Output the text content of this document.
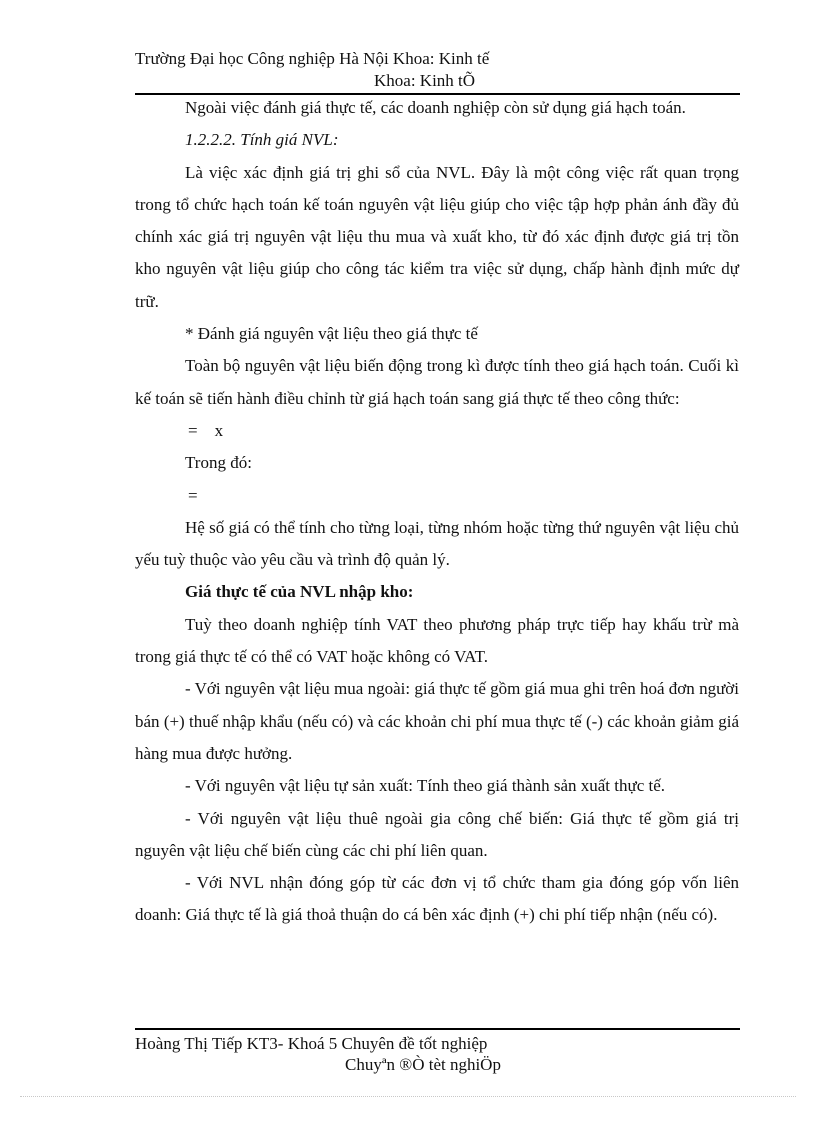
Trường Đại học Công nghiệp Hà Nội Khoa: Kinh tế
Khoa: Kinh tÕ

Ngoài việc đánh giá thực tế, các doanh nghiệp còn sử dụng giá hạch toán.

1.2.2.2. Tính giá NVL:

Là việc xác định giá trị ghi sổ của NVL. Đây là một công việc rất quan trọng trong tổ chức hạch toán kế toán nguyên vật liệu giúp cho việc tập hợp phản ánh đầy đủ chính xác giá trị nguyên vật liệu thu mua và xuất kho, từ đó xác định được giá trị tồn kho nguyên vật liệu giúp cho công tác kiểm tra việc sử dụng, chấp hành định mức dự trữ.

* Đánh giá nguyên vật liệu theo giá thực tế

Toàn bộ nguyên vật liệu biến động trong kì được tính theo giá hạch toán. Cuối kì kế toán sẽ tiến hành điều chỉnh từ giá hạch toán sang giá thực tế theo công thức:

=    x

Trong đó:

=

Hệ số giá có thể tính cho từng loại, từng nhóm hoặc từng thứ nguyên vật liệu chủ yếu tuỳ thuộc vào yêu cầu và trình độ quản lý.

Giá thực tế của NVL nhập kho:

Tuỳ theo doanh nghiệp tính VAT theo phương pháp trực tiếp hay khấu trừ mà trong giá thực tế có thể có VAT hoặc không có VAT.

- Với nguyên vật liệu mua ngoài: giá thực tế gồm giá mua ghi trên hoá đơn người bán (+) thuế nhập khẩu (nếu có) và các khoản chi phí mua thực tế (-) các khoản giảm giá hàng mua được hưởng.

- Với nguyên vật liệu tự sản xuất: Tính theo giá thành sản xuất thực tế.

- Với nguyên vật liệu thuê ngoài gia công chế biến: Giá thực tế gồm giá trị nguyên vật liệu chế biến cùng các chi phí liên quan.

- Với NVL nhận đóng góp từ các đơn vị tổ chức tham gia đóng góp vốn liên doanh: Giá thực tế là giá thoả thuận do cá bên xác định (+) chi phí tiếp nhận (nếu có).

Hoàng Thị Tiếp KT3- Khoá 5 Chuyên đề tốt nghiệp
Chuyªn ®Ò tèt nghiÖp
